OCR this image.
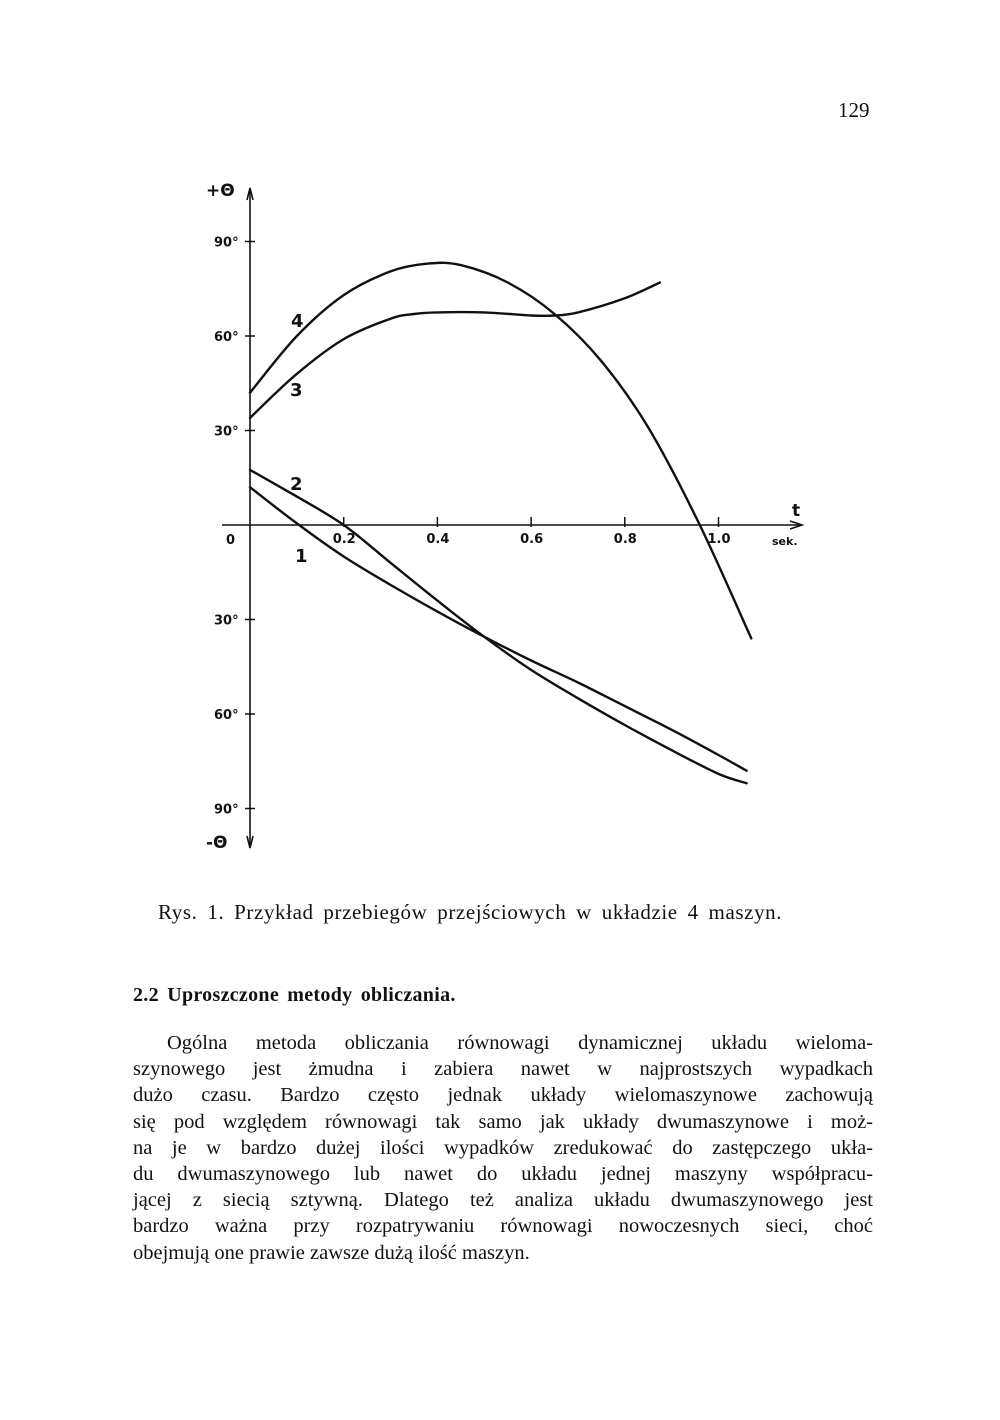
129
0.2	0.4	0.6	0.8	1.0
90°
60°
30°
30°
60°
90°
+Θ
-Θ
t
sek.
0
1
2
3
4
Rys. 1. Przykład przebiegów przejściowych w układzie 4 maszyn.
2.2 Uproszczone metody obliczania.
Ogólna metoda obliczania równowagi dynamicznej układu wieloma-
szynowego jest żmudna i zabiera nawet w najprostszych wypadkach
dużo czasu. Bardzo często jednak układy wielomaszynowe zachowują
się pod względem równowagi tak samo jak układy dwumaszynowe i moż-
na je w bardzo dużej ilości wypadków zredukować do zastępczego ukła-
du dwumaszynowego lub nawet do układu jednej maszyny współpracu-
jącej z siecią sztywną. Dlatego też analiza układu dwumaszynowego jest
bardzo ważna przy rozpatrywaniu równowagi nowoczesnych sieci, choć
obejmują one prawie zawsze dużą ilość maszyn.
